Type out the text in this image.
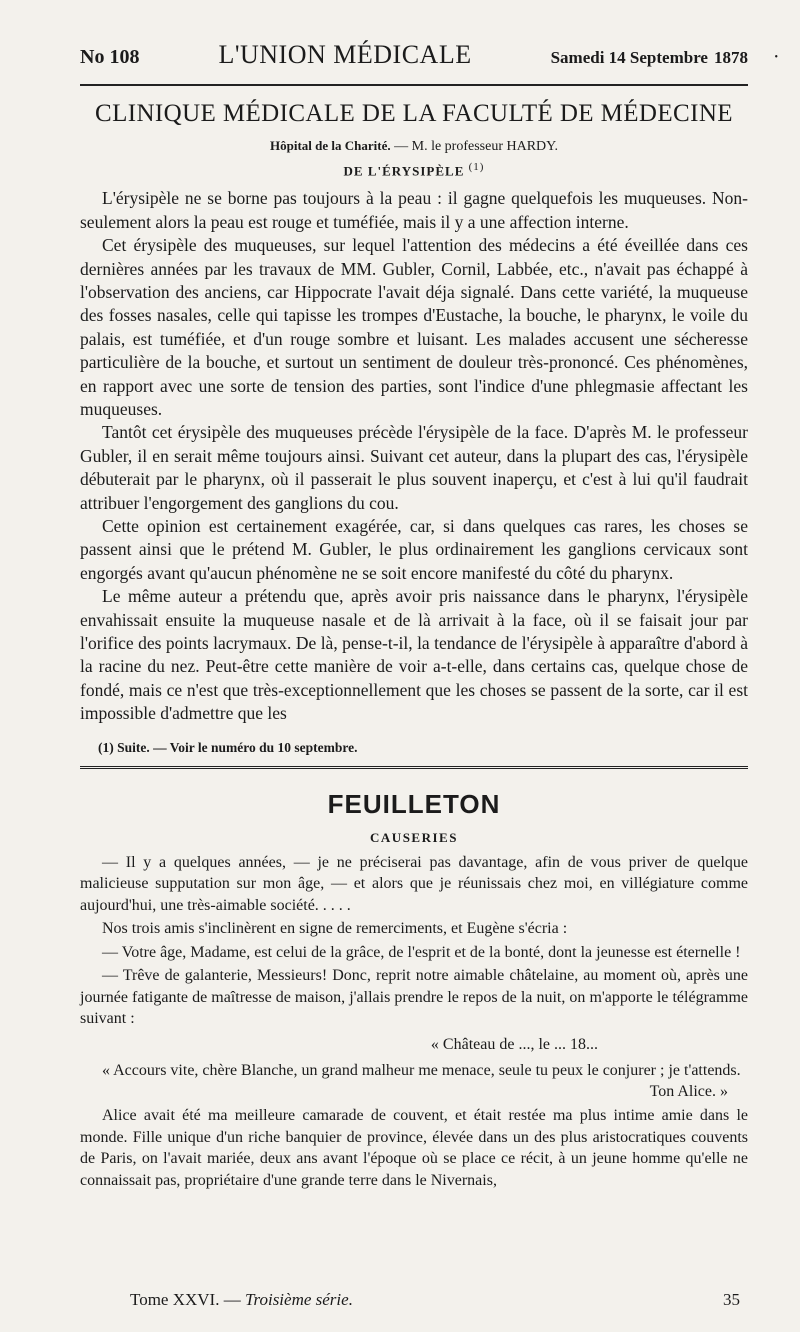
•
No 108	L'UNION MÉDICALE	Samedi 14 Septembre 1878
CLINIQUE MÉDICALE DE LA FACULTÉ DE MÉDECINE
Hôpital de la Charité. — M. le professeur HARDY.
DE L'ÉRYSIPÈLE $^{(1)}$

L'érysipèle ne se borne pas toujours à la peau : il gagne quelquefois les muqueuses. Non-seulement alors la peau est rouge et tuméfiée, mais il y a une affection interne.

Cet érysipèle des muqueuses, sur lequel l'attention des médecins a été éveillée dans ces dernières années par les travaux de MM. Gubler, Cornil, Labbée, etc., n'avait pas échappé à l'observation des anciens, car Hippocrate l'avait déja signalé. Dans cette variété, la muqueuse des fosses nasales, celle qui tapisse les trompes d'Eustache, la bouche, le pharynx, le voile du palais, est tuméfiée, et d'un rouge sombre et luisant. Les malades accusent une sécheresse particulière de la bouche, et surtout un sentiment de douleur très-prononcé. Ces phénomènes, en rapport avec une sorte de tension des parties, sont l'indice d'une phlegmasie affectant les muqueuses.

Tantôt cet érysipèle des muqueuses précède l'érysipèle de la face. D'après M. le professeur Gubler, il en serait même toujours ainsi. Suivant cet auteur, dans la plupart des cas, l'érysipèle débuterait par le pharynx, où il passerait le plus souvent inaperçu, et c'est à lui qu'il faudrait attribuer l'engorgement des ganglions du cou.

Cette opinion est certainement exagérée, car, si dans quelques cas rares, les choses se passent ainsi que le prétend M. Gubler, le plus ordinairement les ganglions cervicaux sont engorgés avant qu'aucun phénomène ne se soit encore manifesté du côté du pharynx.

Le même auteur a prétendu que, après avoir pris naissance dans le pharynx, l'érysipèle envahissait ensuite la muqueuse nasale et de là arrivait à la face, où il se faisait jour par l'orifice des points lacrymaux. De là, pense-t-il, la tendance de l'érysipèle à apparaître d'abord à la racine du nez. Peut-être cette manière de voir a-t-elle, dans certains cas, quelque chose de fondé, mais ce n'est que très-exceptionnellement que les choses se passent de la sorte, car il est impossible d'admettre que les

(1) Suite. — Voir le numéro du 10 septembre.
FEUILLETON
CAUSERIES

— Il y a quelques années, — je ne préciserai pas davantage, afin de vous priver de quelque malicieuse supputation sur mon âge, — et alors que je réunissais chez moi, en villégiature comme aujourd'hui, une très-aimable société. . . . .

Nos trois amis s'inclinèrent en signe de remerciments, et Eugène s'écria :

— Votre âge, Madame, est celui de la grâce, de l'esprit et de la bonté, dont la jeunesse est éternelle !

— Trêve de galanterie, Messieurs! Donc, reprit notre aimable châtelaine, au moment où, après une journée fatigante de maîtresse de maison, j'allais prendre le repos de la nuit, on m'apporte le télégramme suivant :

« Château de ..., le ... 18...

« Accours vite, chère Blanche, un grand malheur me menace, seule tu peux le conjurer ; je t'attends.

Ton Alice. »

Alice avait été ma meilleure camarade de couvent, et était restée ma plus intime amie dans le monde. Fille unique d'un riche banquier de province, élevée dans un des plus aristocratiques couvents de Paris, on l'avait mariée, deux ans avant l'époque où se place ce récit, à un jeune homme qu'elle ne connaissait pas, propriétaire d'une grande terre dans le Nivernais,

Tome XXVI. — Troisième série.	35
